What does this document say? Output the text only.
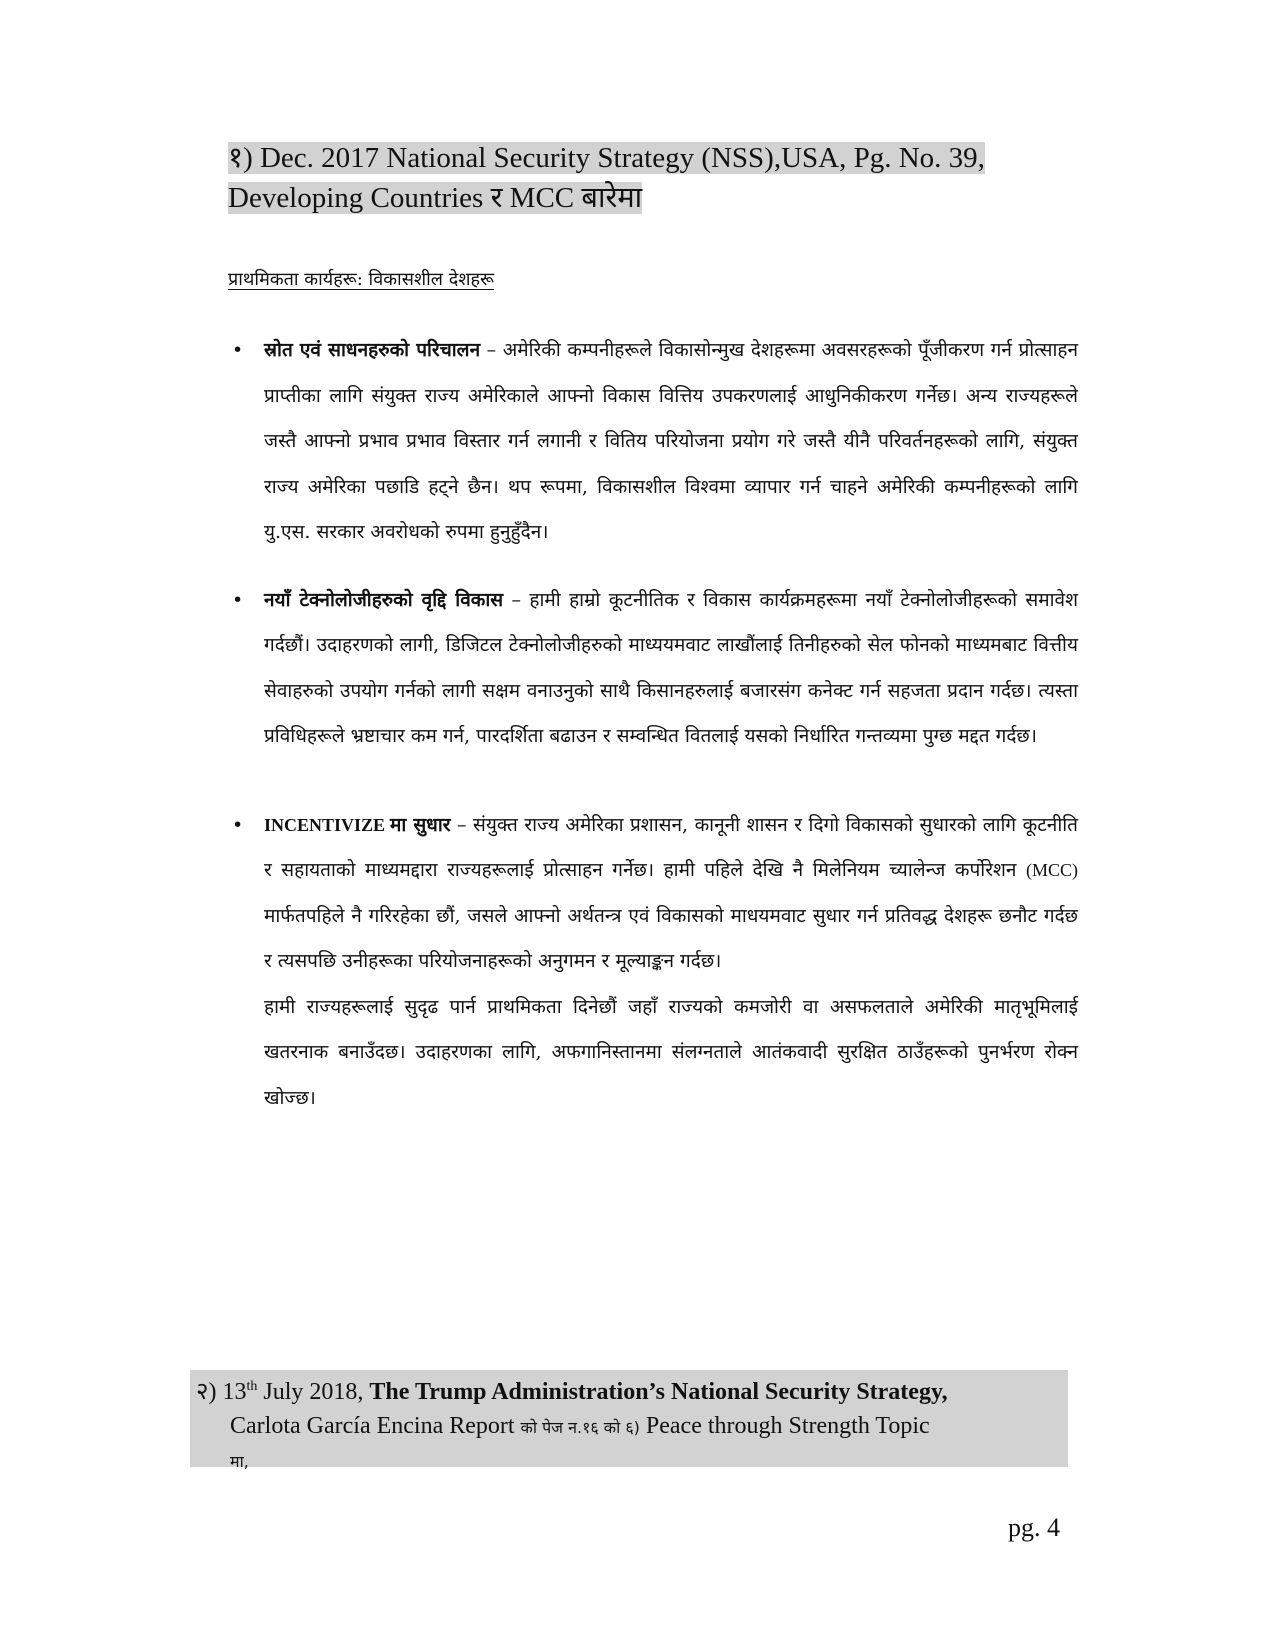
१) Dec. 2017 National Security Strategy (NSS),USA, Pg. No. 39,
Developing Countries र MCC बारेमा
प्राथमिकता कार्यहरू: विकासशील देशहरू
• स्रोत एवं साधनहरुको परिचालन – अमेरिकी कम्पनीहरूले विकासोन्मुख देशहरूमा अवसरहरूको पूँजीकरण गर्न प्रोत्साहन प्राप्तीका लागि संयुक्त राज्य अमेरिकाले आफ्नो विकास वित्तिय उपकरणलाई आधुनिकीकरण गर्नेछ। अन्य राज्यहरूले जस्तै आफ्नो प्रभाव प्रभाव विस्तार गर्न लगानी र वितिय परियोजना प्रयोग गरे जस्तै यीनै परिवर्तनहरूको लागि, संयुक्त राज्य अमेरिका पछाडि हट्ने छैन। थप रूपमा, विकासशील विश्वमा व्यापार गर्न चाहने अमेरिकी कम्पनीहरूको लागि यु.एस. सरकार अवरोधको रुपमा हुनुहुँदैन।
• नयाँ टेक्नोलोजीहरुको वृद्दि विकास – हामी हाम्रो कूटनीतिक र विकास कार्यक्रमहरूमा नयाँ टेक्नोलोजीहरूको समावेश गर्दछौं। उदाहरणको लागी, डिजिटल टेक्नोलोजीहरुको माध्ययमवाट लाखौंलाई तिनीहरुको सेल फोनको माध्यमबाट वित्तीय सेवाहरुको उपयोग गर्नको लागी सक्षम वनाउनुको साथै किसानहरुलाई बजारसंग कनेक्ट गर्न सहजता प्रदान गर्दछ। त्यस्ता प्रविधिहरूले भ्रष्टाचार कम गर्न, पारदर्शिता बढाउन र सम्वन्धित वितलाई यसको निर्धारित गन्तव्यमा पुग्छ मद्दत गर्दछ।
• INCENTIVIZE मा सुधार – संयुक्त राज्य अमेरिका प्रशासन, कानूनी शासन र दिगो विकासको सुधारको लागि कूटनीति र सहायताको माध्यमद्दारा राज्यहरूलाई प्रोत्साहन गर्नेछ। हामी पहिले देखि नै मिलेनियम च्यालेन्ज कर्पोरेशन (MCC) मार्फतपहिले नै गरिरहेका छौं, जसले आफ्नो अर्थतन्त्र एवं विकासको माधयमवाट सुधार गर्न प्रतिवद्ध देशहरू छनौट गर्दछ र त्यसपछि उनीहरूका परियोजनाहरूको अनुगमन र मूल्याङ्कन गर्दछ।

हामी राज्यहरूलाई सुदृढ पार्न प्राथमिकता दिनेछौं जहाँ राज्यको कमजोरी वा असफलताले अमेरिकी मातृभूमिलाई खतरनाक बनाउँदछ। उदाहरणका लागि, अफगानिस्तानमा संलग्नताले आतंकवादी सुरक्षित ठाउँहरूको पुनर्भरण रोक्न खोज्छ।

२) 13th July 2018, The Trump Administration’s National Security Strategy,
Carlota García Encina Report को पेज न.१६ को ६) Peace through Strength Topic
मा,
pg. 4
